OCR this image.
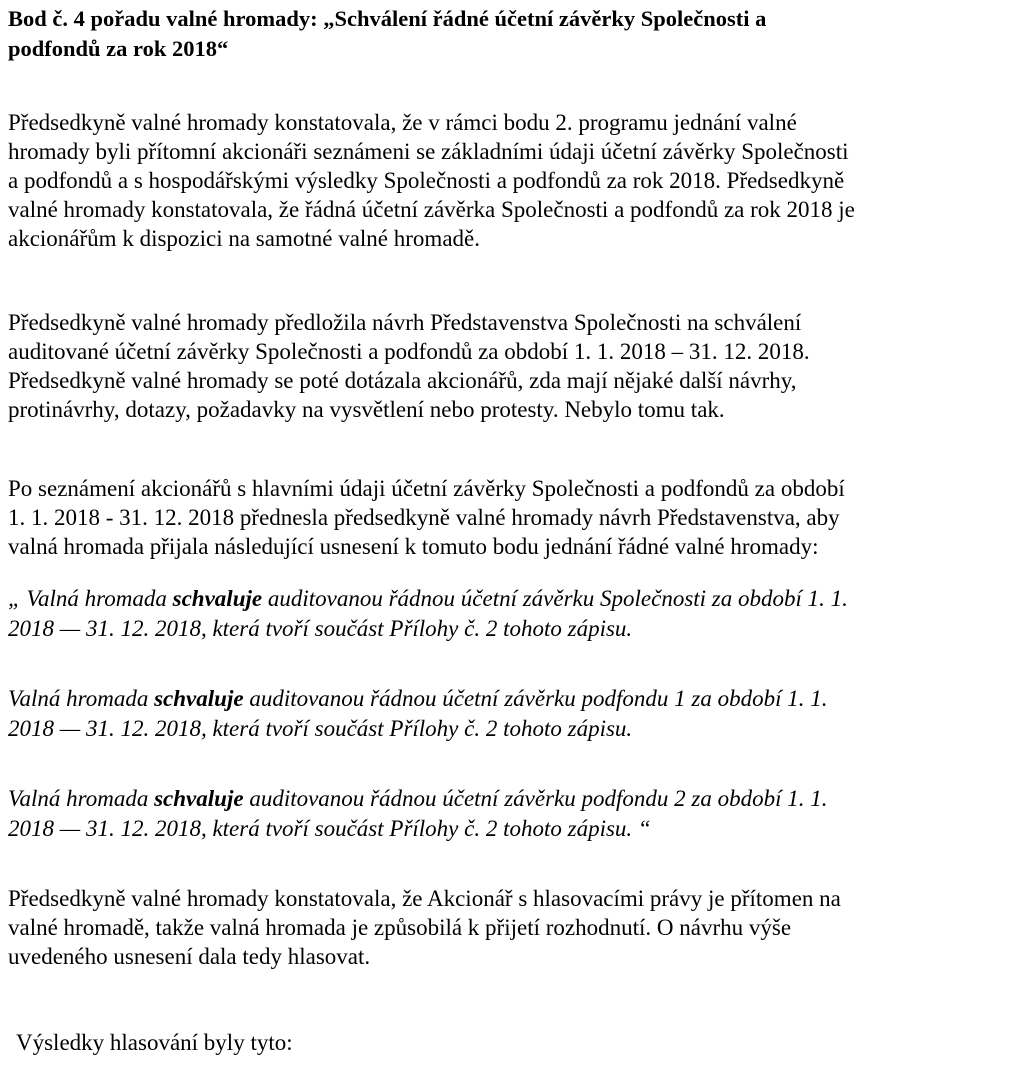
Bod č. 4 pořadu valné hromady: „Schválení řádné účetní závěrky Společnosti a
podfondů za rok 2018“
Předsedkyně valné hromady konstatovala, že v rámci bodu 2. programu jednání valné
hromady byli přítomní akcionáři seznámeni se základními údaji účetní závěrky Společnosti
a podfondů a s hospodářskými výsledky Společnosti a podfondů za rok 2018. Předsedkyně
valné hromady konstatovala, že řádná účetní závěrka Společnosti a podfondů za rok 2018 je
akcionářům k dispozici na samotné valné hromadě.
Předsedkyně valné hromady předložila návrh Představenstva Společnosti na schválení
auditované účetní závěrky Společnosti a podfondů za období 1. 1. 2018 – 31. 12. 2018.
Předsedkyně valné hromady se poté dotázala akcionářů, zda mají nějaké další návrhy,
protinávrhy, dotazy, požadavky na vysvětlení nebo protesty. Nebylo tomu tak.
Po seznámení akcionářů s hlavními údaji účetní závěrky Společnosti a podfondů za období
1. 1. 2018 - 31. 12. 2018 přednesla předsedkyně valné hromady návrh Představenstva, aby
valná hromada přijala následující usnesení k tomuto bodu jednání řádné valné hromady:
„ Valná hromada schvaluje auditovanou řádnou účetní závěrku Společnosti za období 1. 1.
2018 — 31. 12. 2018, která tvoří součást Přílohy č. 2 tohoto zápisu.
Valná hromada schvaluje auditovanou řádnou účetní závěrku podfondu 1 za období 1. 1.
2018 — 31. 12. 2018, která tvoří součást Přílohy č. 2 tohoto zápisu.
Valná hromada schvaluje auditovanou řádnou účetní závěrku podfondu 2 za období 1. 1.
2018 — 31. 12. 2018, která tvoří součást Přílohy č. 2 tohoto zápisu. “
Předsedkyně valné hromady konstatovala, že Akcionář s hlasovacími právy je přítomen na
valné hromadě, takže valná hromada je způsobilá k přijetí rozhodnutí. O návrhu výše
uvedeného usnesení dala tedy hlasovat.
Výsledky hlasování byly tyto:
